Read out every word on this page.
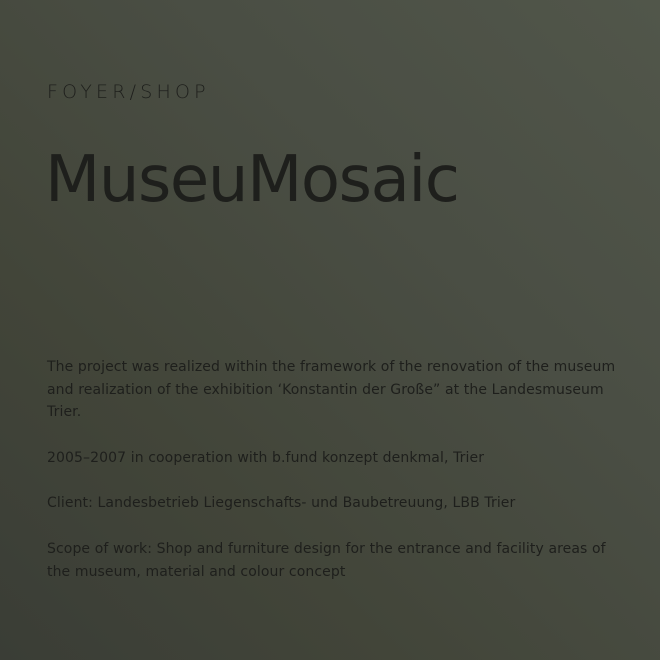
FOYER/SHOP
MuseuMosaic

The project was realized within the framework of the renovation of the museum and realization of the exhibition ‘Konstantin der Große” at the Landesmuseum Trier.

2005–2007 in cooperation with b.fund konzept denkmal, Trier

Client: Landesbetrieb Liegenschafts- und Baubetreuung, LBB Trier

Scope of work: Shop and furniture design for the entrance and facility areas of the museum, material and colour concept
